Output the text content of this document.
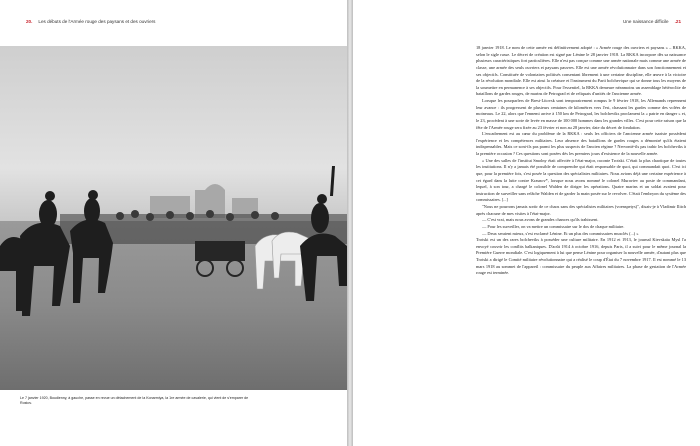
20. Les débuts de l'Armée rouge des paysans et des ouvriers
Le 7 janvier 1920, Boudienny, à gauche, passe en revue un détachement de la Konarmiya, la 1re armée de cavalerie, qui vient de s'emparer de Rostov.
Une naissance difficile .21

18 janvier 1918. Le nom de cette armée est définitivement adopté : « Armée rouge des ouvriers et paysans » – RKKA, selon le sigle russe. Le décret de création est signé par Lénine le 28 janvier 1918. La RKKA incorpore dès sa naissance plusieurs caractéristiques fort particulières. Elle n'est pas conçue comme une armée nationale mais comme une armée de classe, une armée des seuls ouvriers et paysans pauvres. Elle est une armée révolutionnaire dans son fonctionnement et ses objectifs. Constituée de volontaires politisés consentant librement à une certaine discipline, elle œuvre à la victoire de la révolution mondiale. Elle est ainsi la créature et l'instrument du Parti bolchevique qui se donne tous les moyens de la soumettre en permanence à ses objectifs. Pour l'essentiel, la RKKA demeure néanmoins un assemblage hétéroclite de bataillons de gardes rouges, de marins de Petrograd et de reliquats d'unités de l'ancienne armée.

Lorsque les pourparlers de Brest-Litovsk sont temporairement rompus le 9 février 1918, les Allemands reprennent leur avance : ils progressent de plusieurs centaines de kilomètres vers l'est, chassant les gardes comme des volées de moineaux. Le 22, alors que l'ennemi arrive à 150 km de Petrograd, les bolcheviks proclament la « patrie en danger » et, le 23, procèdent à une sorte de levée en masse de 100 000 hommes dans les grandes villes. C'est pour cette raison que la fête de l'Armée rouge sera fixée au 23 février et non au 28 janvier, date du décret de fondation.

L'encadrement est au cœur du problème de la RKKA : seuls les officiers de l'ancienne armée tsariste possèdent l'expérience et les compétences militaires. Leur absence des bataillons de gardes rouges a démontré qu'ils étaient indispensables. Mais ce sont-ils pas parmi les plus suspects de l'ancien régime ? Nervonté-ils pas trahir les bolcheviks à la première occasion ? Ces questions sont posées dès les premiers jours d'existence de la nouvelle armée.

« Une des salles de l'institut Smolny était affectée à l'état-major, raconte Trotski. C'était la plus chaotique de toutes les institutions. Il n'y a jamais été possible de comprendre qui était responsable de quoi, qui commandait quoi. C'est ici que, pour la première fois, s'est posée la question des spécialistes militaires. Nous avions déjà une certaine expérience à cet égard dans la lutte contre Krasnov*, lorsque nous avons nommé le colonel Muraviev au poste de commandant, lequel, à son tour, a chargé le colonel Walden de diriger les opérations. Quatre marins et un soldat avaient pour instruction de surveiller sans relâche Walden et de garder la main posée sur le revolver. C'était l'embryon du système des commissaires. [...]

"Nous ne pourrons jamais sortir de ce chaos sans des spécialistes militaires (voenspetys)", disais-je à Vladimir Ilitch après chacune de mes visites à l'état-major.

— C'est vrai, mais nous avons de grandes chances qu'ils trahissent.

— Pour les surveiller, on va mettre un commissaire sur le dos de chaque militaire.

— Deux seraient mieux, s'est exclamé Lénine. Et un plus des commissaires musclés (...) »

Trotski est un des rares bolcheviks à posséder une culture militaire. En 1912 et 1913, le journal Kievskaïa Mysl l'a envoyé couvrir les conflits balkaniques. D'août 1914 à octobre 1916, depuis Paris, il a suivi pour le même journal la Première Guerre mondiale. C'est logiquement à lui que pense Lénine pour organiser la nouvelle armée, d'autant plus que Trotski a dirigé le Comité militaire révolutionnaire qui a réalisé le coup d'État du 7 novembre 1917. Il est nommé le 13 mars 1918 au sommet de l'appareil : commissaire du peuple aux Affaires militaires. La phase de gestation de l'Armée rouge est terminée.
